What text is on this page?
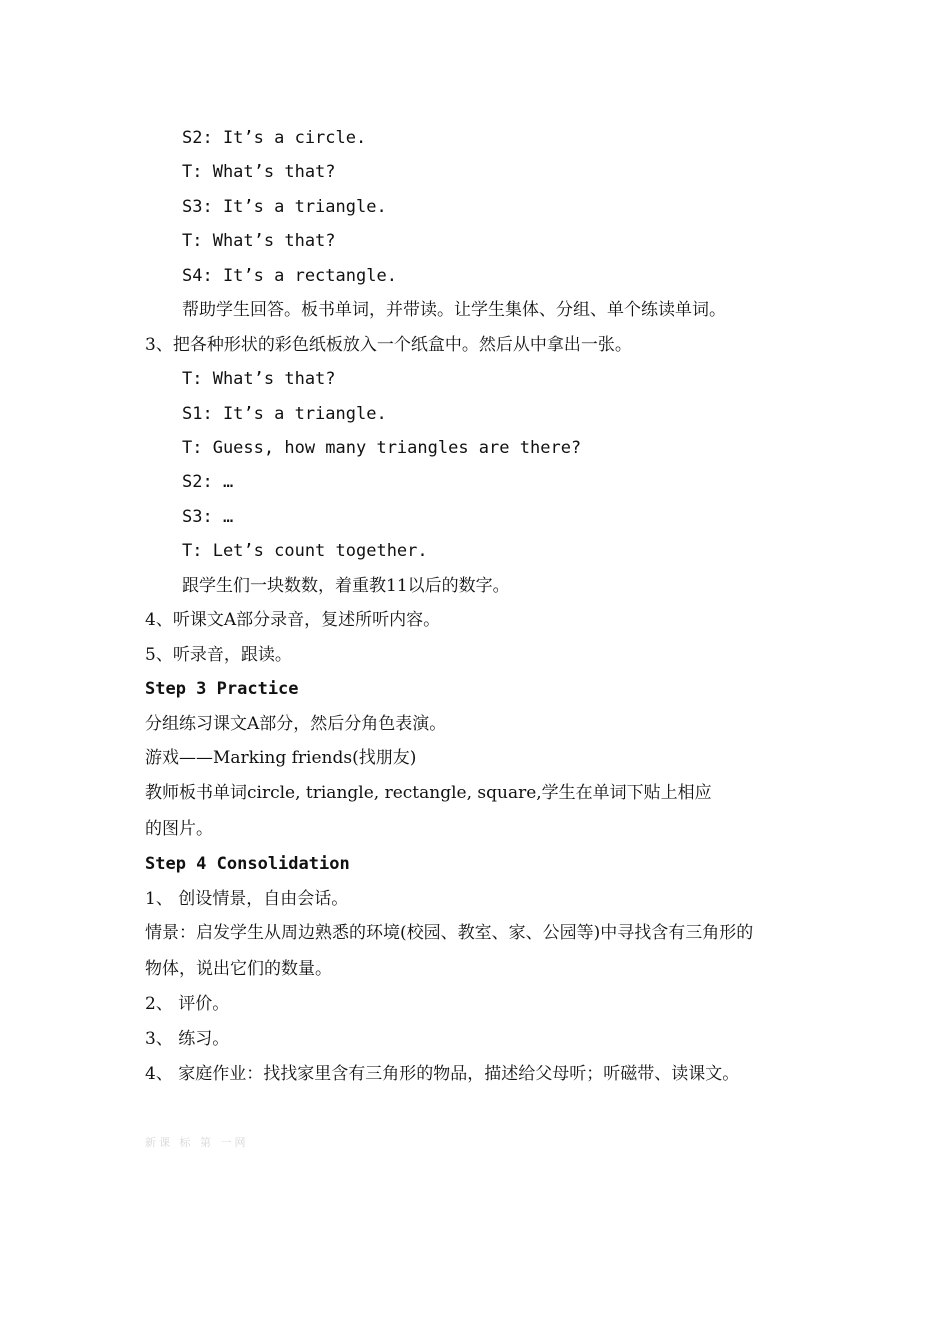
S2: It’s a circle.
T: What’s that?
S3: It’s a triangle.
T: What’s that?
S4: It’s a rectangle.
帮助学生回答。板书单词，并带读。让学生集体、分组、单个练读单词。
3、把各种形状的彩色纸板放入一个纸盒中。然后从中拿出一张。
T: What’s that?
S1: It’s a triangle.
T: Guess, how many triangles are there?
S2: …
S3: …
T: Let’s count together.
跟学生们一块数数，着重教11以后的数字。
4、听课文A部分录音，复述所听内容。
5、听录音，跟读。
Step 3 Practice
分组练习课文A部分，然后分角色表演。
游戏——Marking friends(找朋友)
教师板书单词circle, triangle, rectangle, square,学生在单词下贴上相应
的图片。
Step 4 Consolidation
1、 创设情景，自由会话。
情景：启发学生从周边熟悉的环境(校园、教室、家、公园等)中寻找含有三角形的
物体，说出它们的数量。
2、 评价。
3、 练习。
4、 家庭作业：找找家里含有三角形的物品，描述给父母听；听磁带、读课文。
新课 标 第 一网
